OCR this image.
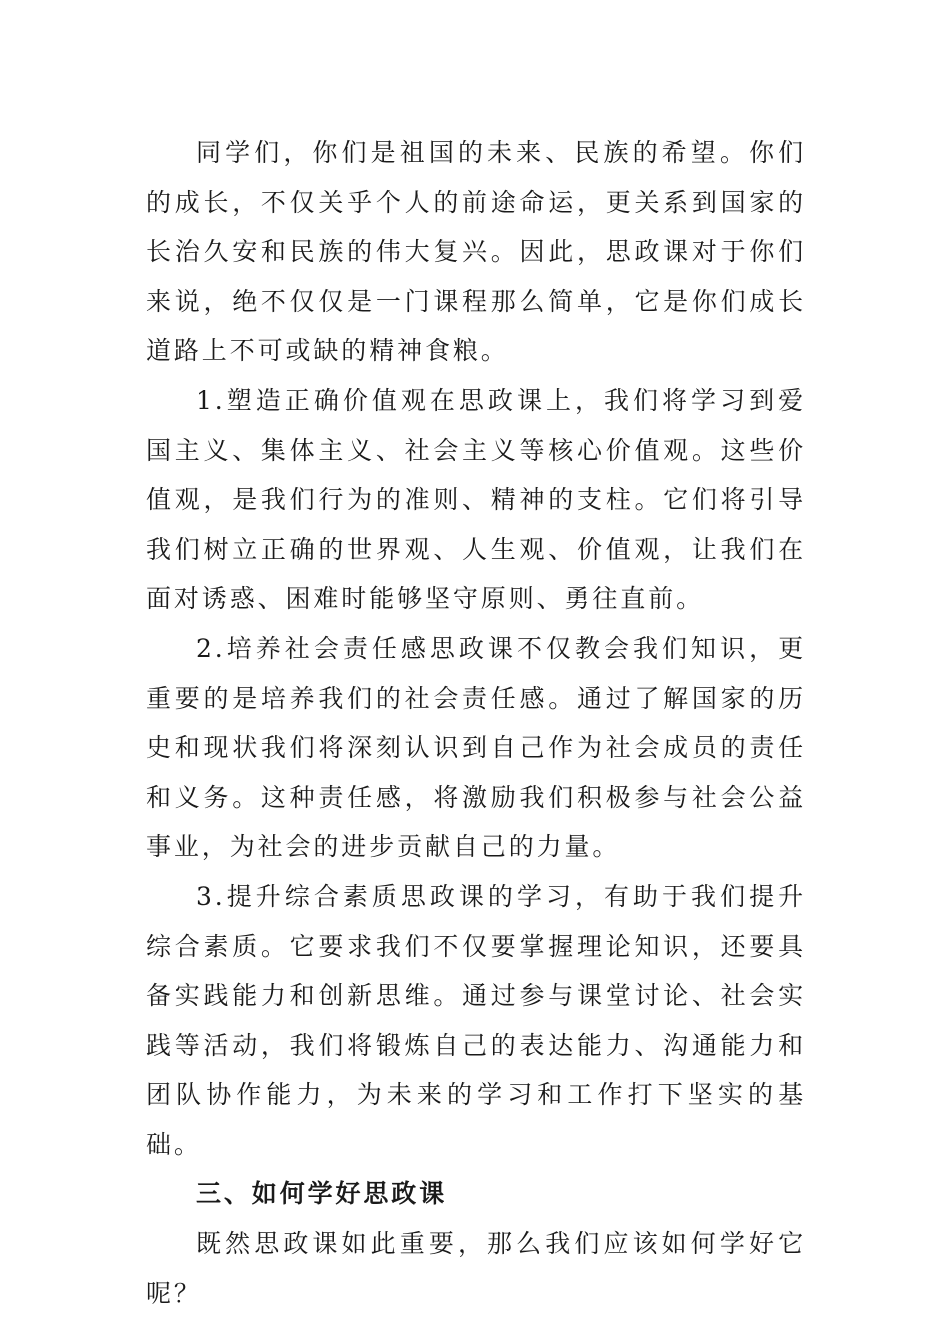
同学们，你们是祖国的未来、民族的希望。你们的成长，不仅关乎个人的前途命运，更关系到国家的长治久安和民族的伟大复兴。因此，思政课对于你们来说，绝不仅仅是一门课程那么简单，它是你们成长道路上不可或缺的精神食粮。

1.塑造正确价值观在思政课上，我们将学习到爱国主义、集体主义、社会主义等核心价值观。这些价值观，是我们行为的准则、精神的支柱。它们将引导我们树立正确的世界观、人生观、价值观，让我们在面对诱惑、困难时能够坚守原则、勇往直前。

2.培养社会责任感思政课不仅教会我们知识，更重要的是培养我们的社会责任感。通过了解国家的历史和现状我们将深刻认识到自己作为社会成员的责任和义务。这种责任感，将激励我们积极参与社会公益事业，为社会的进步贡献自己的力量。

3.提升综合素质思政课的学习，有助于我们提升综合素质。它要求我们不仅要掌握理论知识，还要具备实践能力和创新思维。通过参与课堂讨论、社会实践等活动，我们将锻炼自己的表达能力、沟通能力和团队协作能力，为未来的学习和工作打下坚实的基础。

三、如何学好思政课

既然思政课如此重要，那么我们应该如何学好它呢？
